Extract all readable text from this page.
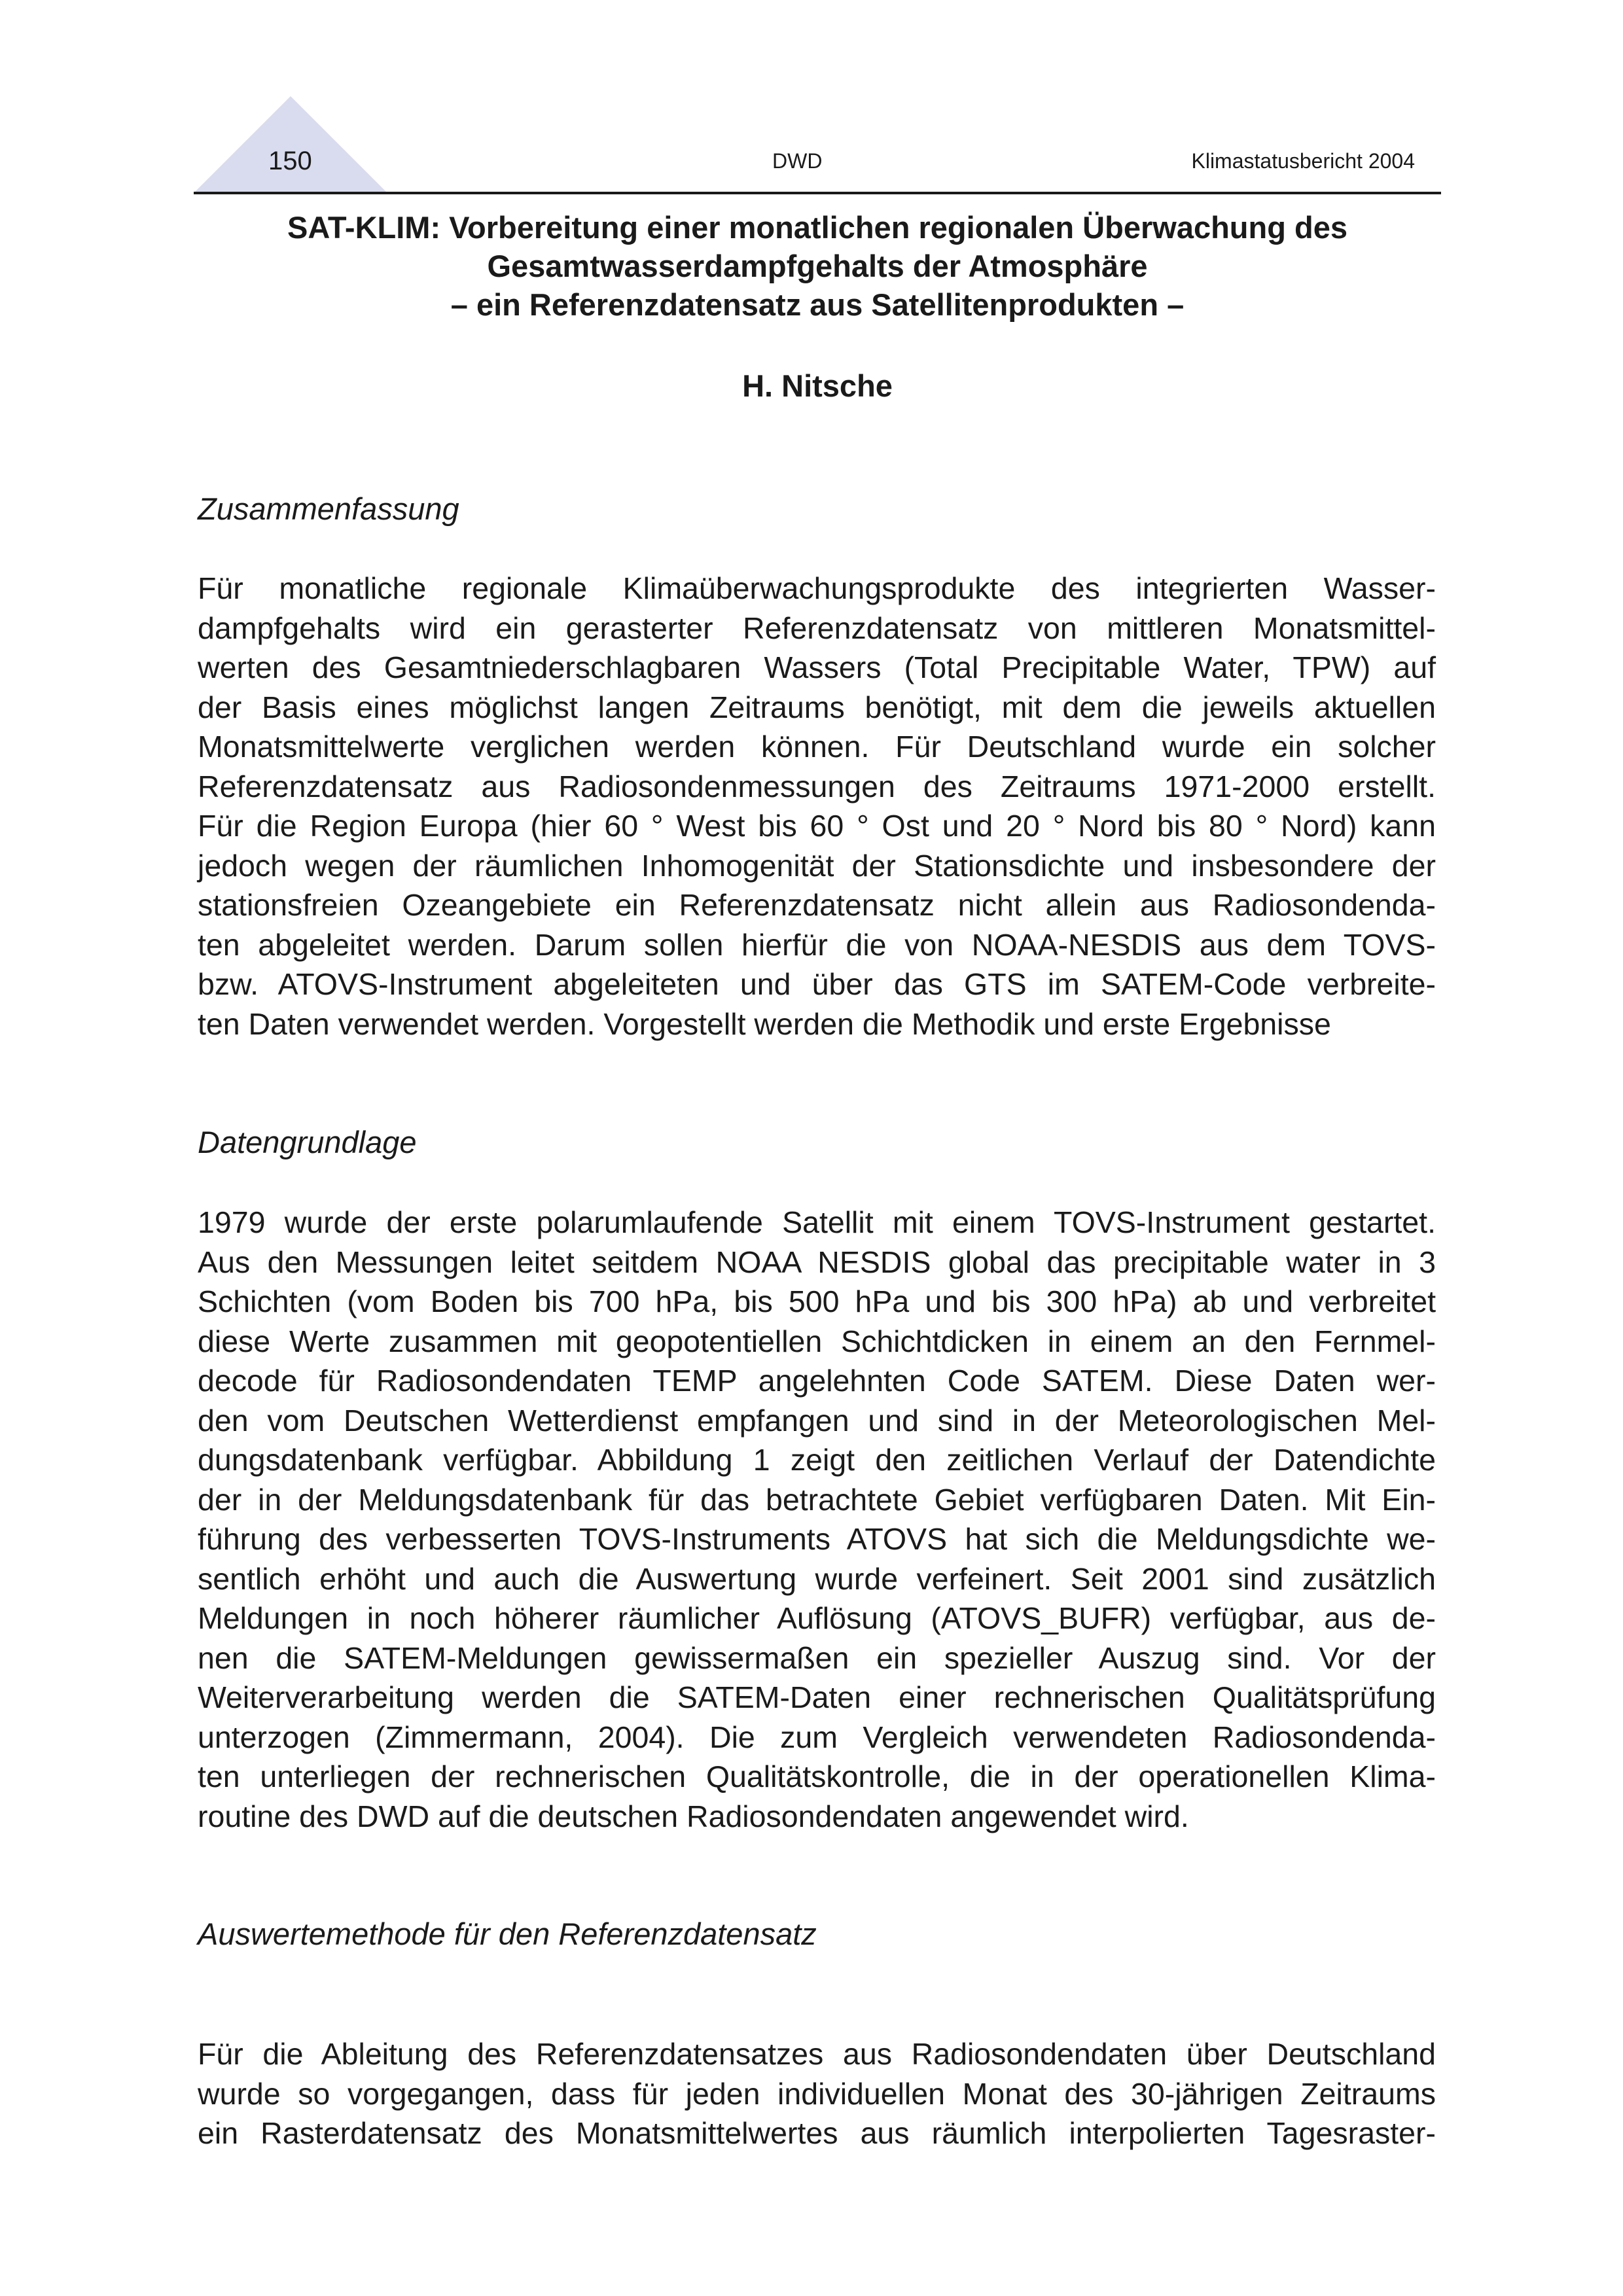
150	DWD	Klimastatusbericht 2004
SAT-KLIM: Vorbereitung einer monatlichen regionalen Überwachung des
Gesamtwasserdampfgehalts der Atmosphäre
– ein Referenzdatensatz aus Satellitenprodukten –
H. Nitsche
Zusammenfassung
Für monatliche regionale Klimaüberwachungsprodukte des integrierten Wasser-
dampfgehalts wird ein gerasterter Referenzdatensatz von mittleren Monatsmittel-
werten des Gesamtniederschlagbaren Wassers (Total Precipitable Water, TPW) auf
der Basis eines möglichst langen Zeitraums benötigt, mit dem die jeweils aktuellen
Monatsmittelwerte verglichen werden können. Für Deutschland wurde ein solcher
Referenzdatensatz aus Radiosondenmessungen des Zeitraums 1971-2000 erstellt.
Für die Region Europa (hier 60 ° West bis 60 ° Ost und 20 ° Nord bis 80 ° Nord) kann
jedoch wegen der räumlichen Inhomogenität der Stationsdichte und insbesondere der
stationsfreien Ozeangebiete ein Referenzdatensatz nicht allein aus Radiosondenda-
ten abgeleitet werden. Darum sollen hierfür die von NOAA-NESDIS aus dem TOVS-
bzw. ATOVS-Instrument abgeleiteten und über das GTS im SATEM-Code verbreite-
ten Daten verwendet werden. Vorgestellt werden die Methodik und erste Ergebnisse
Datengrundlage
1979 wurde der erste polarumlaufende Satellit mit einem TOVS-Instrument gestartet.
Aus den Messungen leitet seitdem NOAA NESDIS global das precipitable water in 3
Schichten (vom Boden bis 700 hPa, bis 500 hPa und bis 300 hPa) ab und verbreitet
diese Werte zusammen mit geopotentiellen Schichtdicken in einem an den Fernmel-
decode für Radiosondendaten TEMP angelehnten Code SATEM. Diese Daten wer-
den vom Deutschen Wetterdienst empfangen und sind in der Meteorologischen Mel-
dungsdatenbank verfügbar. Abbildung 1 zeigt den zeitlichen Verlauf der Datendichte
der in der Meldungsdatenbank für das betrachtete Gebiet verfügbaren Daten. Mit Ein-
führung des verbesserten TOVS-Instruments ATOVS hat sich die Meldungsdichte we-
sentlich erhöht und auch die Auswertung wurde verfeinert. Seit 2001 sind zusätzlich
Meldungen in noch höherer räumlicher Auflösung (ATOVS_BUFR) verfügbar, aus de-
nen die SATEM-Meldungen gewissermaßen ein spezieller Auszug sind. Vor der
Weiterverarbeitung werden die SATEM-Daten einer rechnerischen Qualitätsprüfung
unterzogen (Zimmermann, 2004). Die zum Vergleich verwendeten Radiosondenda-
ten unterliegen der rechnerischen Qualitätskontrolle, die in der operationellen Klima-
routine des DWD auf die deutschen Radiosondendaten angewendet wird.
Auswertemethode für den Referenzdatensatz
Für die Ableitung des Referenzdatensatzes aus Radiosondendaten über Deutschland
wurde so vorgegangen, dass für jeden individuellen Monat des 30-jährigen Zeitraums
ein Rasterdatensatz des Monatsmittelwertes aus räumlich interpolierten Tagesraster-
